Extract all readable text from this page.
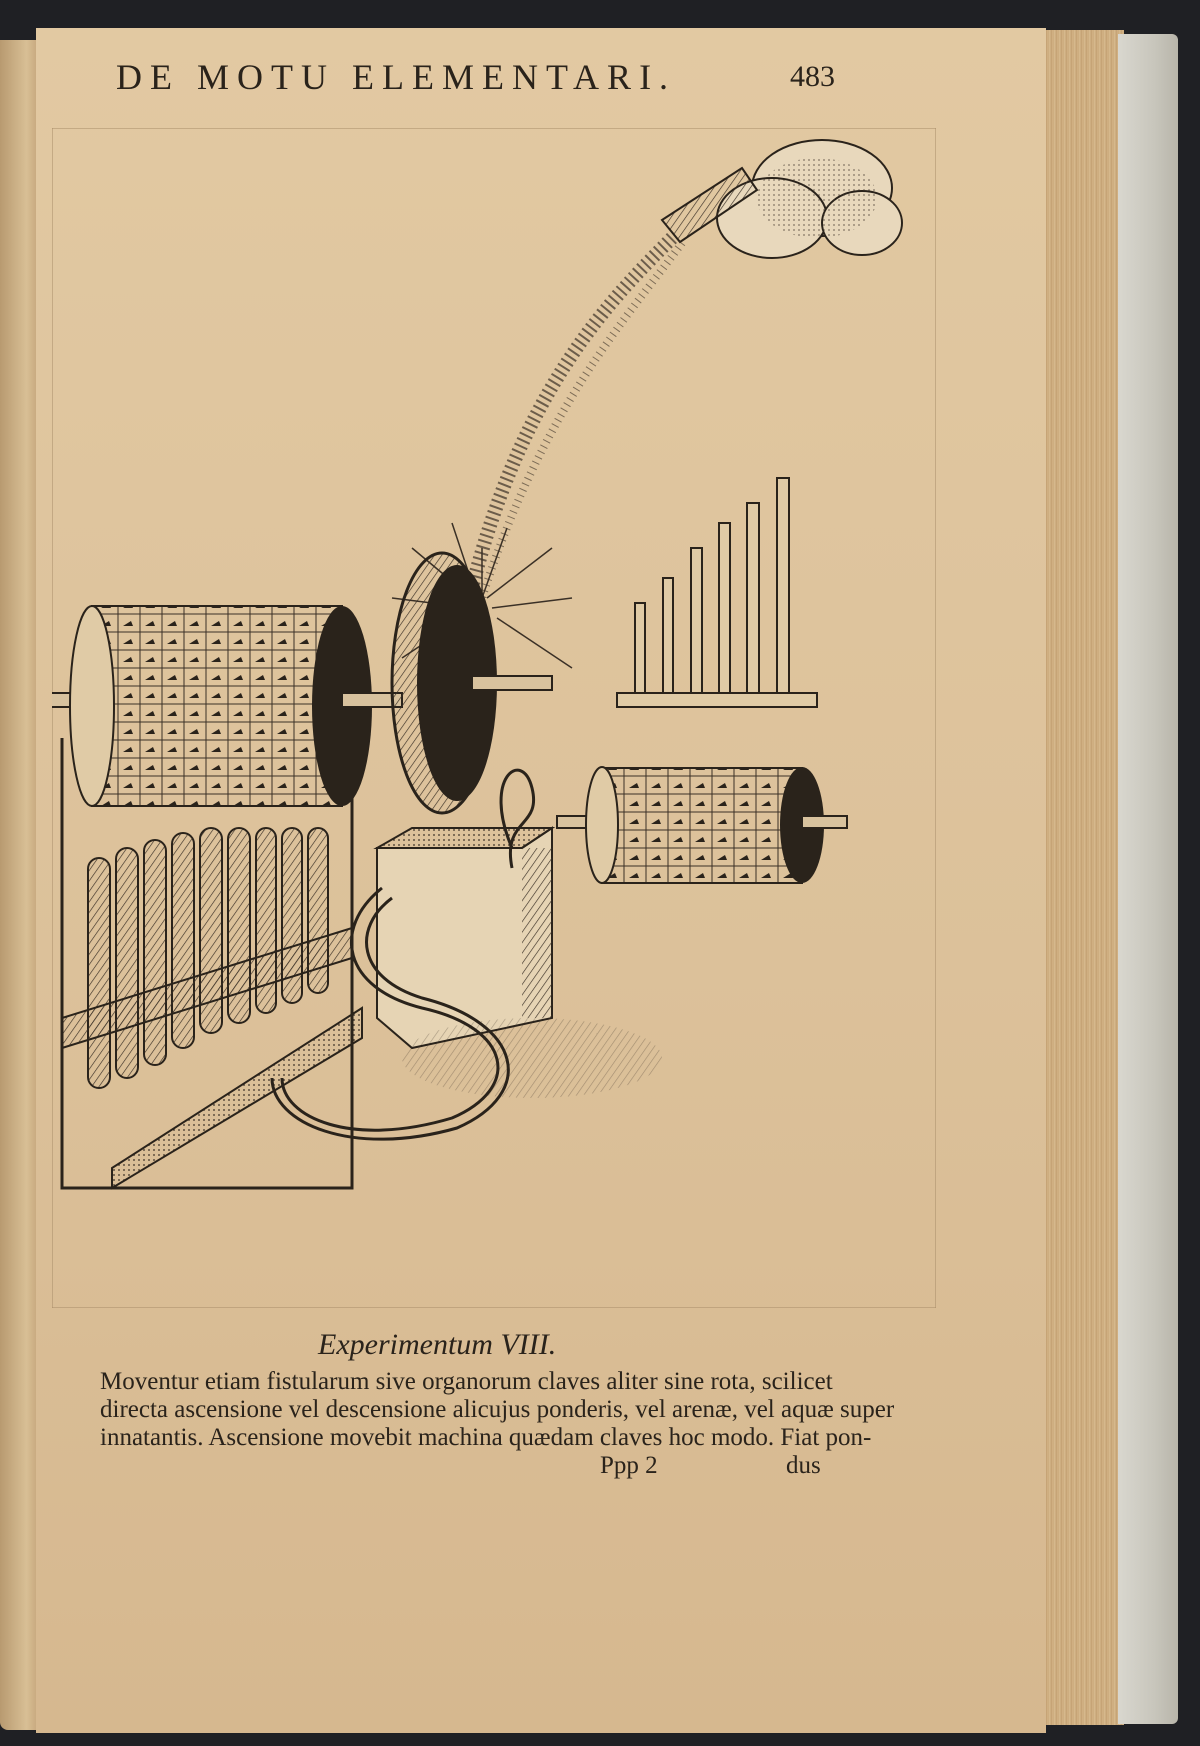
DE MOTU ELEMENTARI.	483
Experimentum VIII.
Moventur etiam fistularum sive organorum claves aliter sine rota, scilicet
directa ascensione vel descensione alicujus ponderis, vel arenæ, vel aquæ super
innatantis. Ascensione movebit machina quædam claves hoc modo. Fiat pon-
Ppp 2	dus
